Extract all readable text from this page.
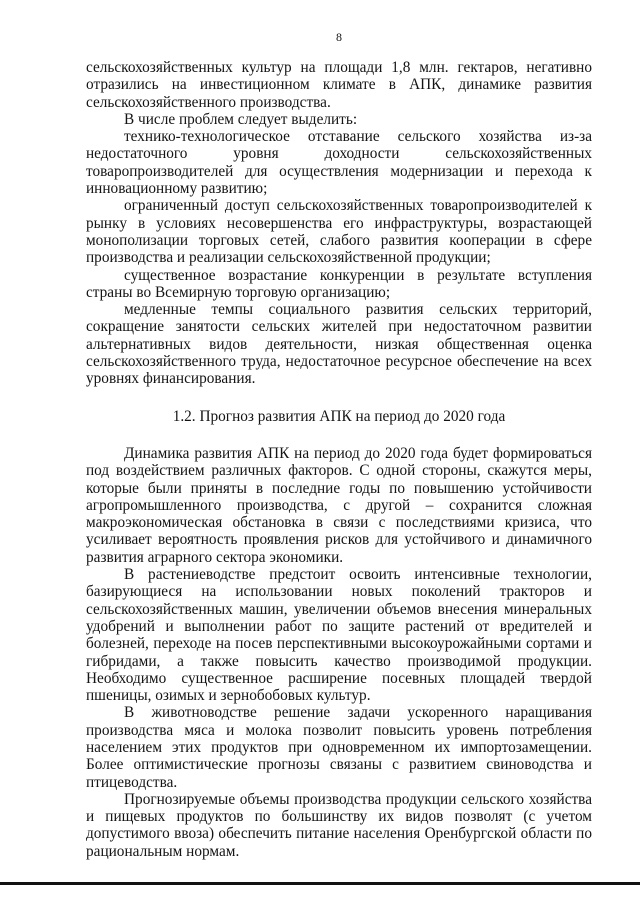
8

сельскохозяйственных культур на площади 1,8 млн. гектаров, негативно отразились на инвестиционном климате в АПК, динамике развития сельскохозяйственного производства.

В числе проблем следует выделить:

технико-технологическое отставание сельского хозяйства из-за недостаточного уровня доходности сельскохозяйственных товаропроизводителей для осуществления модернизации и перехода к инновационному развитию;

ограниченный доступ сельскохозяйственных товаропроизводителей к рынку в условиях несовершенства его инфраструктуры, возрастающей монополизации торговых сетей, слабого развития кооперации в сфере производства и реализации сельскохозяйственной продукции;

существенное возрастание конкуренции в результате вступления страны во Всемирную торговую организацию;

медленные темпы социального развития сельских территорий, сокращение занятости сельских жителей при недостаточном развитии альтернативных видов деятельности, низкая общественная оценка сельскохозяйственного труда, недостаточное ресурсное обеспечение на всех уровнях финансирования.

1.2. Прогноз развития АПК на период до 2020 года

Динамика развития АПК на период до 2020 года будет формироваться под воздействием различных факторов. С одной стороны, скажутся меры, которые были приняты в последние годы по повышению устойчивости агропромышленного производства, с другой – сохранится сложная макроэкономическая обстановка в связи с последствиями кризиса, что усиливает вероятность проявления рисков для устойчивого и динамичного развития аграрного сектора экономики.

В растениеводстве предстоит освоить интенсивные технологии, базирующиеся на использовании новых поколений тракторов и сельскохозяйственных машин, увеличении объемов внесения минеральных удобрений и выполнении работ по защите растений от вредителей и болезней, переходе на посев перспективными высокоурожайными сортами и гибридами, а также повысить качество производимой продукции. Необходимо существенное расширение посевных площадей твердой пшеницы, озимых и зернобобовых культур.

В животноводстве решение задачи ускоренного наращивания производства мяса и молока позволит повысить уровень потребления населением этих продуктов при одновременном их импортозамещении. Более оптимистические прогнозы связаны с развитием свиноводства и птицеводства.

Прогнозируемые объемы производства продукции сельского хозяйства и пищевых продуктов по большинству их видов позволят (с учетом допустимого ввоза) обеспечить питание населения Оренбургской области по рациональным нормам.
